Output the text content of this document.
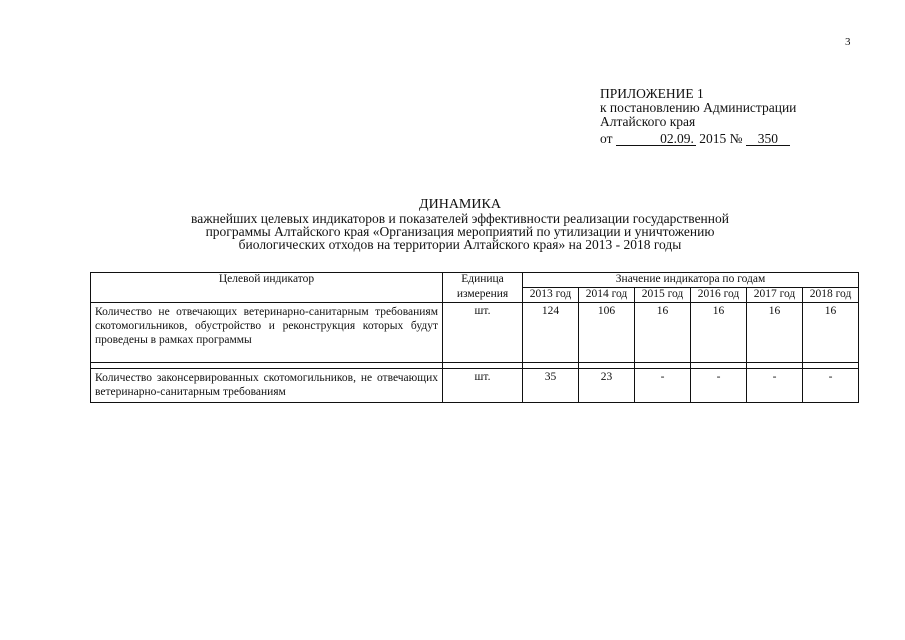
3
ПРИЛОЖЕНИЕ 1
к постановлению Администрации
Алтайского края
от	02.09. 2015 № 350
ДИНАМИКА
важнейших целевых индикаторов и показателей эффективности реализации государственной
программы Алтайского края «Организация мероприятий по утилизации и уничтожению
биологических отходов на территории Алтайского края» на 2013 - 2018 годы
Целевой индикатор	Единица	Значение индикатора по годам					
	измерения	2013 год	2014 год	2015 год	2016 год	2017 год	2018 год
Количество не отвечающих ветеринарно-санитарным требованиям скотомогильников, обустройство и реконструкция которых будут проведены в рамках программы	шт.	124	106	16	16	16	16

Количество законсервированных скотомогильников, не отвечающих ветеринарно-санитарным требованиям	шт.	35	23	-	-	-	-
